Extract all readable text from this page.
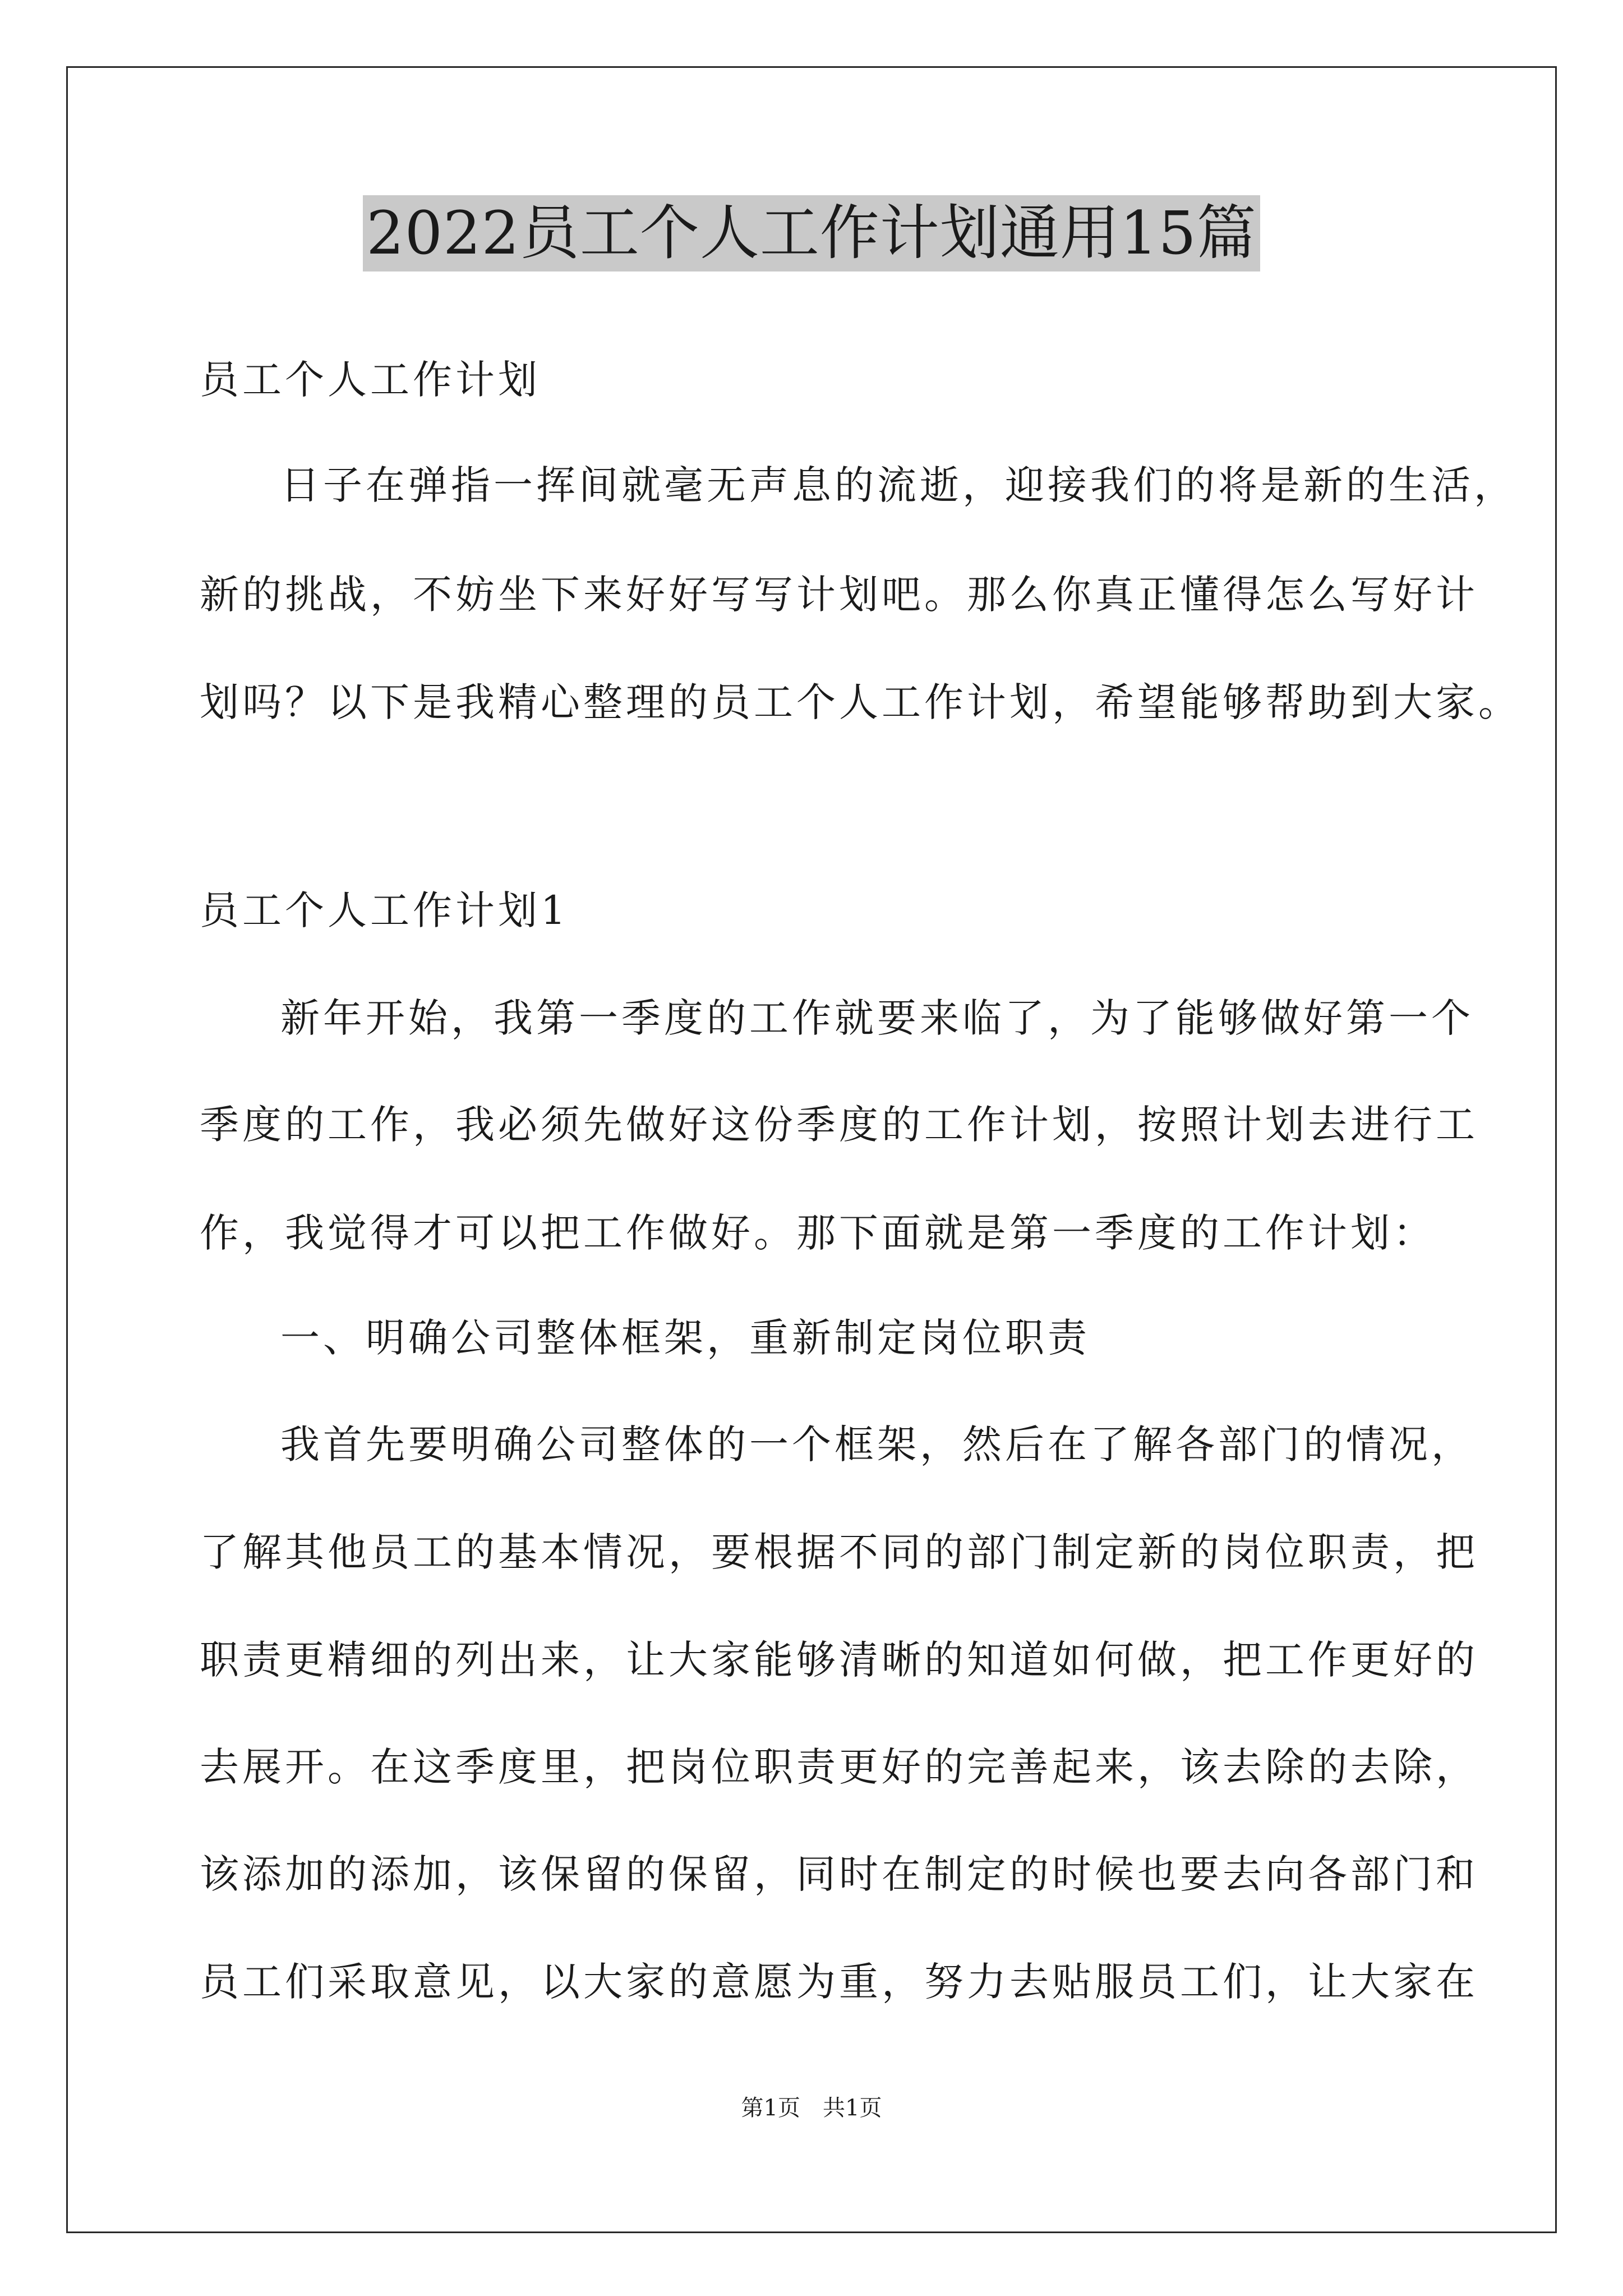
2022员工个人工作计划通用15篇
员工个人工作计划
日子在弹指一挥间就毫无声息的流逝，迎接我们的将是新的生活，
新的挑战，不妨坐下来好好写写计划吧。那么你真正懂得怎么写好计
划吗？以下是我精心整理的员工个人工作计划，希望能够帮助到大家。
员工个人工作计划1
新年开始，我第一季度的工作就要来临了，为了能够做好第一个
季度的工作，我必须先做好这份季度的工作计划，按照计划去进行工
作，我觉得才可以把工作做好。那下面就是第一季度的工作计划：
一、明确公司整体框架，重新制定岗位职责
我首先要明确公司整体的一个框架，然后在了解各部门的情况，
了解其他员工的基本情况，要根据不同的部门制定新的岗位职责，把
职责更精细的列出来，让大家能够清晰的知道如何做，把工作更好的
去展开。在这季度里，把岗位职责更好的完善起来，该去除的去除，
该添加的添加，该保留的保留，同时在制定的时候也要去向各部门和
员工们采取意见，以大家的意愿为重，努力去贴服员工们，让大家在
第1页　共1页
